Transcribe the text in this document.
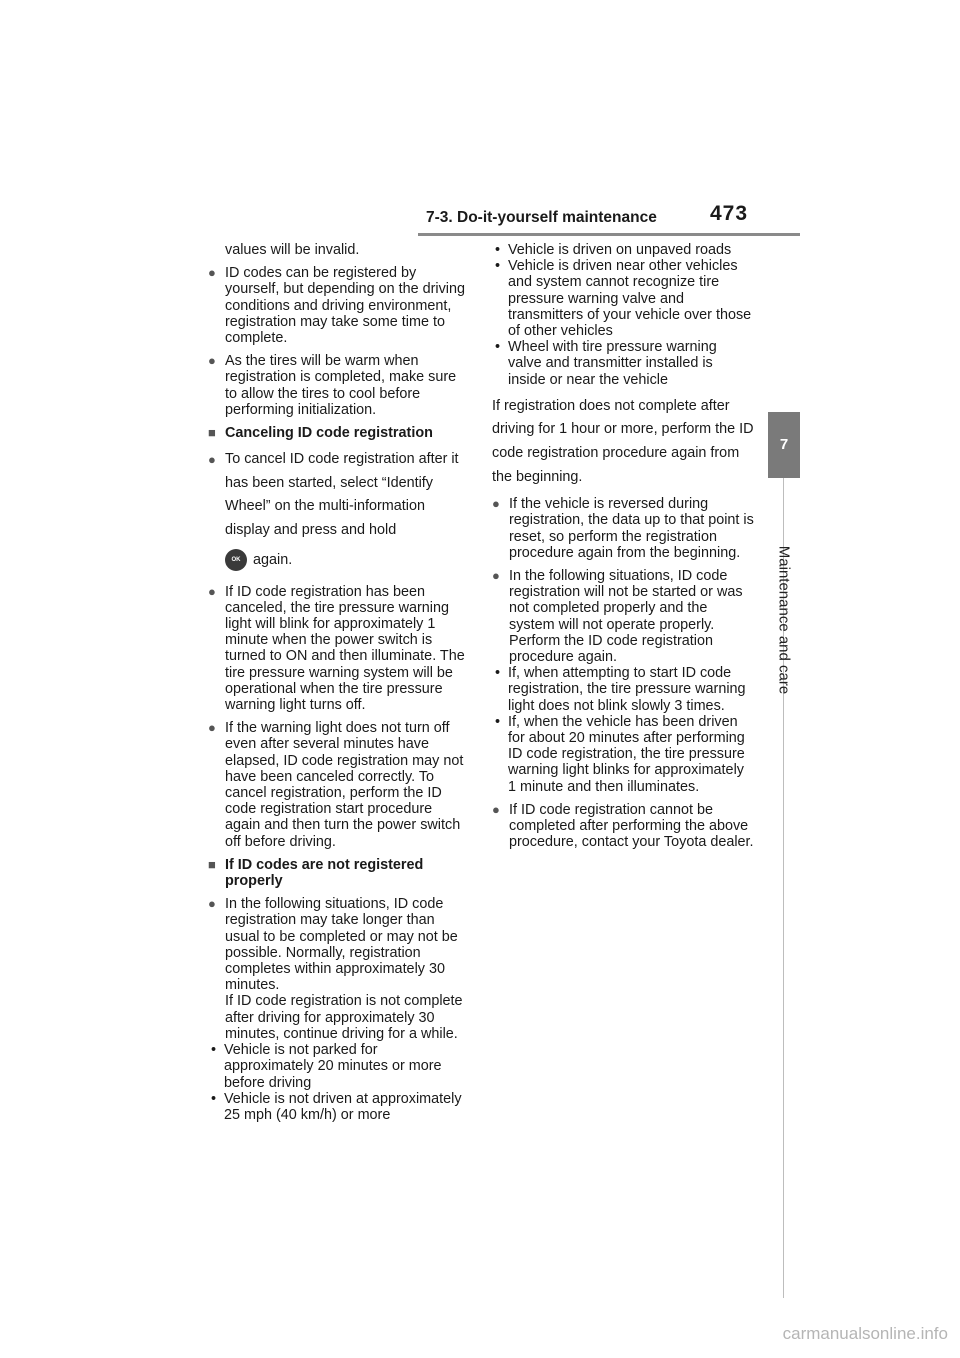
7-3. Do-it-yourself maintenance	473
7
Maintenance and care

values will be invalid.

● ID codes can be registered by yourself, but depending on the driving conditions and driving environment, registration may take some time to complete.

● As the tires will be warm when registration is completed, make sure to allow the tires to cool before performing initialization.

■ Canceling ID code registration

● To cancel ID code registration after it has been started, select “Identify Wheel” on the multi-information display and press and hold
OK again.

● If ID code registration has been canceled, the tire pressure warning light will blink for approximately 1 minute when the power switch is turned to ON and then illuminate. The tire pressure warning system will be operational when the tire pressure warning light turns off.

● If the warning light does not turn off even after several minutes have elapsed, ID code registration may not have been canceled correctly. To cancel registration, perform the ID code registration start procedure again and then turn the power switch off before driving.

■ If ID codes are not registered properly

● In the following situations, ID code registration may take longer than usual to be completed or may not be possible. Normally, registration completes within approximately 30 minutes.
If ID code registration is not complete after driving for approximately 30 minutes, continue driving for a while.

• Vehicle is not parked for approximately 20 minutes or more before driving

• Vehicle is not driven at approximately 25 mph (40 km/h) or more

• Vehicle is driven on unpaved roads

• Vehicle is driven near other vehicles and system cannot recognize tire pressure warning valve and transmitters of your vehicle over those of other vehicles

• Wheel with tire pressure warning valve and transmitter installed is inside or near the vehicle

If registration does not complete after driving for 1 hour or more, perform the ID code registration procedure again from the beginning.

● If the vehicle is reversed during registration, the data up to that point is reset, so perform the registration procedure again from the beginning.

● In the following situations, ID code registration will not be started or was not completed properly and the system will not operate properly. Perform the ID code registration procedure again.

• If, when attempting to start ID code registration, the tire pressure warning light does not blink slowly 3 times.

• If, when the vehicle has been driven for about 20 minutes after performing ID code registration, the tire pressure warning light blinks for approximately 1 minute and then illuminates.

● If ID code registration cannot be completed after performing the above procedure, contact your Toyota dealer.

carmanualsonline.info
